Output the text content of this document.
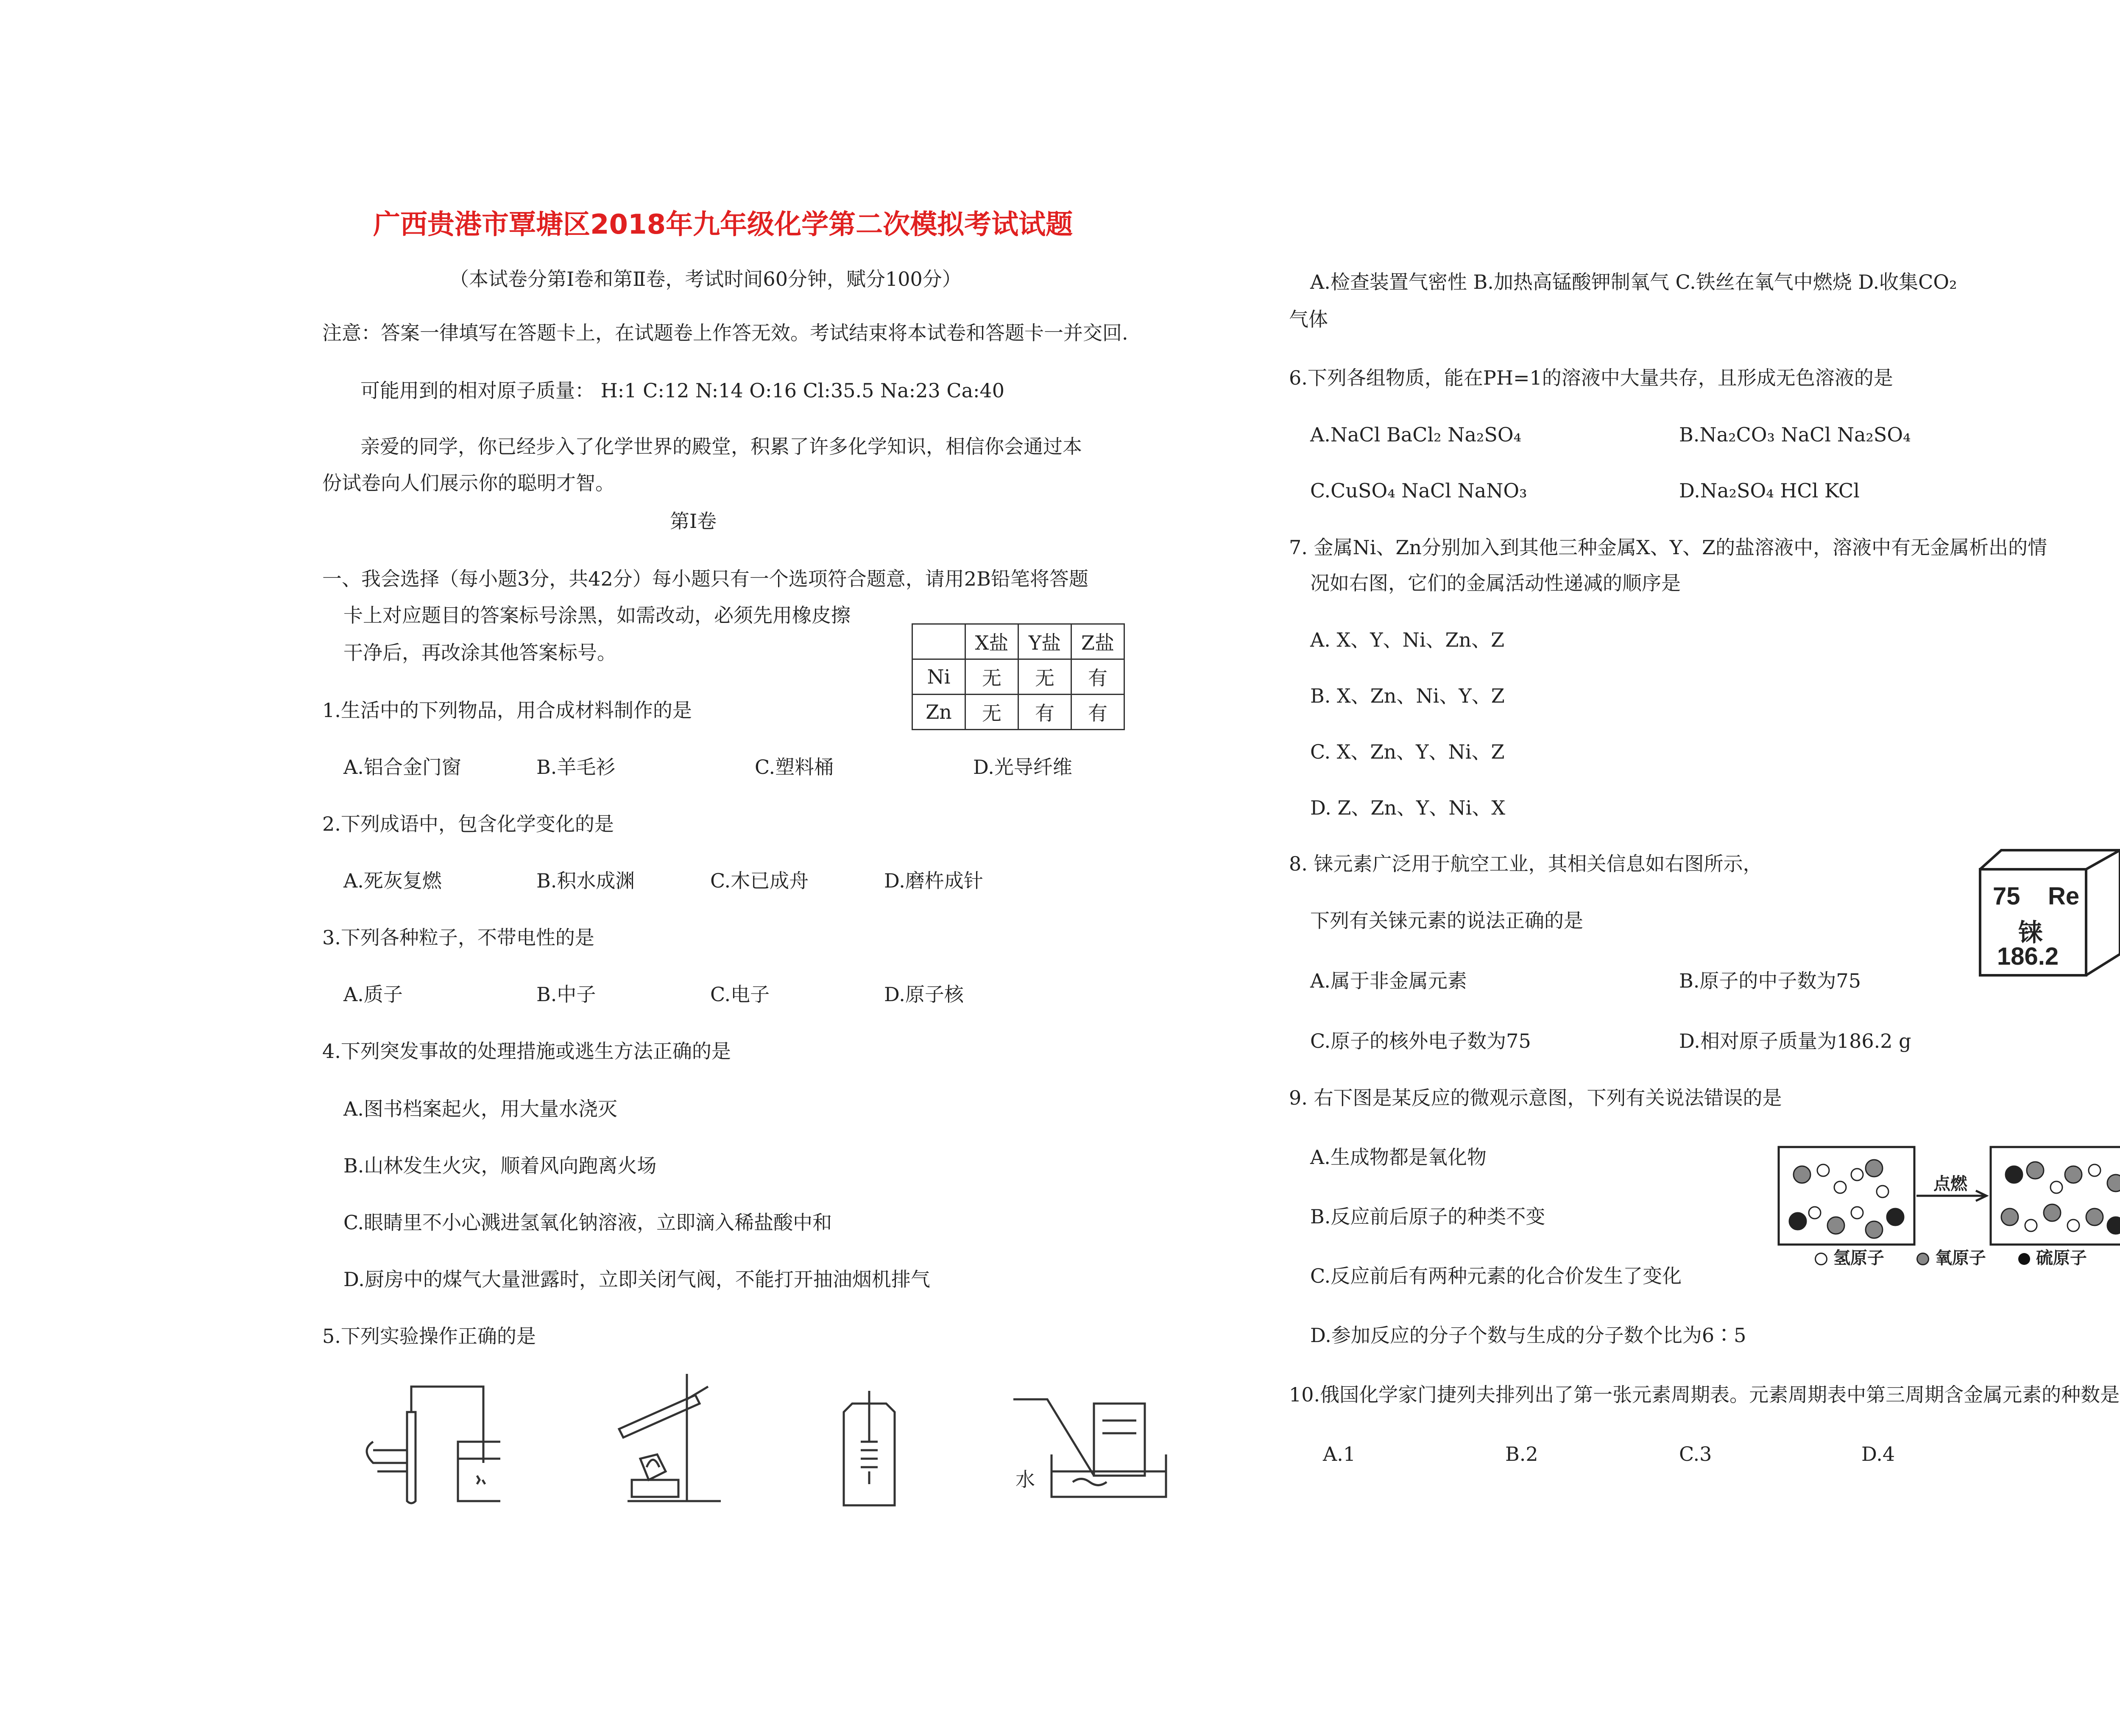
广西贵港市覃塘区2018年九年级化学第二次模拟考试试题
（本试卷分第Ⅰ卷和第Ⅱ卷，考试时间60分钟，赋分100分）
注意：答案一律填写在答题卡上，在试题卷上作答无效。考试结束将本试卷和答题卡一并交回.
可能用到的相对原子质量： H:1 C:12 N:14 O:16 Cl:35.5 Na:23 Ca:40
亲爱的同学，你已经步入了化学世界的殿堂，积累了许多化学知识，相信你会通过本
份试卷向人们展示你的聪明才智。
第Ⅰ卷
一、我会选择（每小题3分，共42分）每小题只有一个选项符合题意，请用2B铅笔将答题
卡上对应题目的答案标号涂黑，如需改动，必须先用橡皮擦
干净后，再改涂其他答案标号。
		X盐	Y盐	Z盐
Ni	无	无	有
Zn	无	有	有
1.生活中的下列物品，用合成材料制作的是
A.铝合金门窗	B.羊毛衫	C.塑料桶	D.光导纤维
2.下列成语中，包含化学变化的是
A.死灰复燃	B.积水成渊	C.木已成舟	D.磨杵成针
3.下列各种粒子，不带电性的是
A.质子	B.中子	C.电子	D.原子核
4.下列突发事故的处理措施或逃生方法正确的是
A.图书档案起火，用大量水浇灭
B.山林发生火灾，顺着风向跑离火场
C.眼睛里不小心溅进氢氧化钠溶液，立即滴入稀盐酸中和
D.厨房中的煤气大量泄露时，立即关闭气阀，不能打开抽油烟机排气
5.下列实验操作正确的是
水
A.检查装置气密性 B.加热高锰酸钾制氧气 C.铁丝在氧气中燃烧 D.收集CO₂
气体
6.下列各组物质，能在PH=1的溶液中大量共存，且形成无色溶液的是
A.NaCl BaCl₂ Na₂SO₄	B.Na₂CO₃ NaCl Na₂SO₄
C.CuSO₄ NaCl NaNO₃	D.Na₂SO₄ HCl KCl
7. 金属Ni、Zn分别加入到其他三种金属X、Y、Z的盐溶液中，溶液中有无金属析出的情
况如右图，它们的金属活动性递减的顺序是
A. X、Y、Ni、Zn、Z
B. X、Zn、Ni、Y、Z
C. X、Zn、Y、Ni、Z
D. Z、Zn、Y、Ni、X
8. 铼元素广泛用于航空工业，其相关信息如右图所示，
下列有关铼元素的说法正确的是
A.属于非金属元素	B.原子的中子数为75
C.原子的核外电子数为75	D.相对原子质量为186.2 g
75 Re
铼
186.2
9. 右下图是某反应的微观示意图，下列有关说法错误的是
A.生成物都是氧化物
B.反应前后原子的种类不变
C.反应前后有两种元素的化合价发生了变化
D.参加反应的分子个数与生成的分子数个比为6∶5
点燃
氢原子	氧原子	硫原子
10.俄国化学家门捷列夫排列出了第一张元素周期表。元素周期表中第三周期含金属元素的种数是
A.1	B.2	C.3	D.4
